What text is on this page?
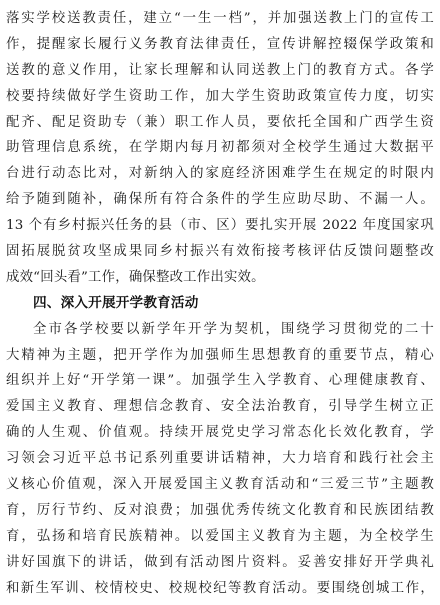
落实学校送教责任，建立“一生一档”，并加强送教上门的宣传工
作，提醒家长履行义务教育法律责任，宣传讲解控辍保学政策和
送教的意义作用，让家长理解和认同送教上门的教育方式。各学
校要持续做好学生资助工作，加大学生资助政策宣传力度，切实
配齐、配足资助专（兼）职工作人员，要依托全国和广西学生资
助管理信息系统，在学期内每月初都须对全校学生通过大数据平
台进行动态比对，对新纳入的家庭经济困难学生在规定的时限内
给予随到随补，确保所有符合条件的学生应助尽助、不漏一人。
13 个有乡村振兴任务的县（市、区）要扎实开展 2022 年度国家巩
固拓展脱贫攻坚成果同乡村振兴有效衔接考核评估反馈问题整改
成效“回头看”工作，确保整改工作出实效。
四、深入开展开学教育活动
全市各学校要以新学年开学为契机，围绕学习贯彻党的二十
大精神为主题，把开学作为加强师生思想教育的重要节点，精心
组织并上好“开学第一课”。加强学生入学教育、心理健康教育、
爱国主义教育、理想信念教育、安全法治教育，引导学生树立正
确的人生观、价值观。持续开展党史学习常态化长效化教育，学
习领会习近平总书记系列重要讲话精神，大力培育和践行社会主
义核心价值观，深入开展爱国主义教育活动和“三爱三节”主题教
育，厉行节约、反对浪费；加强优秀传统文化教育和民族团结教
育，弘扬和培育民族精神。以爱国主义教育为主题，为全校学生
讲好国旗下的讲话，做到有活动图片资料。妥善安排好开学典礼
和新生军训、校情校史、校规校纪等教育活动。要围绕创城工作，
